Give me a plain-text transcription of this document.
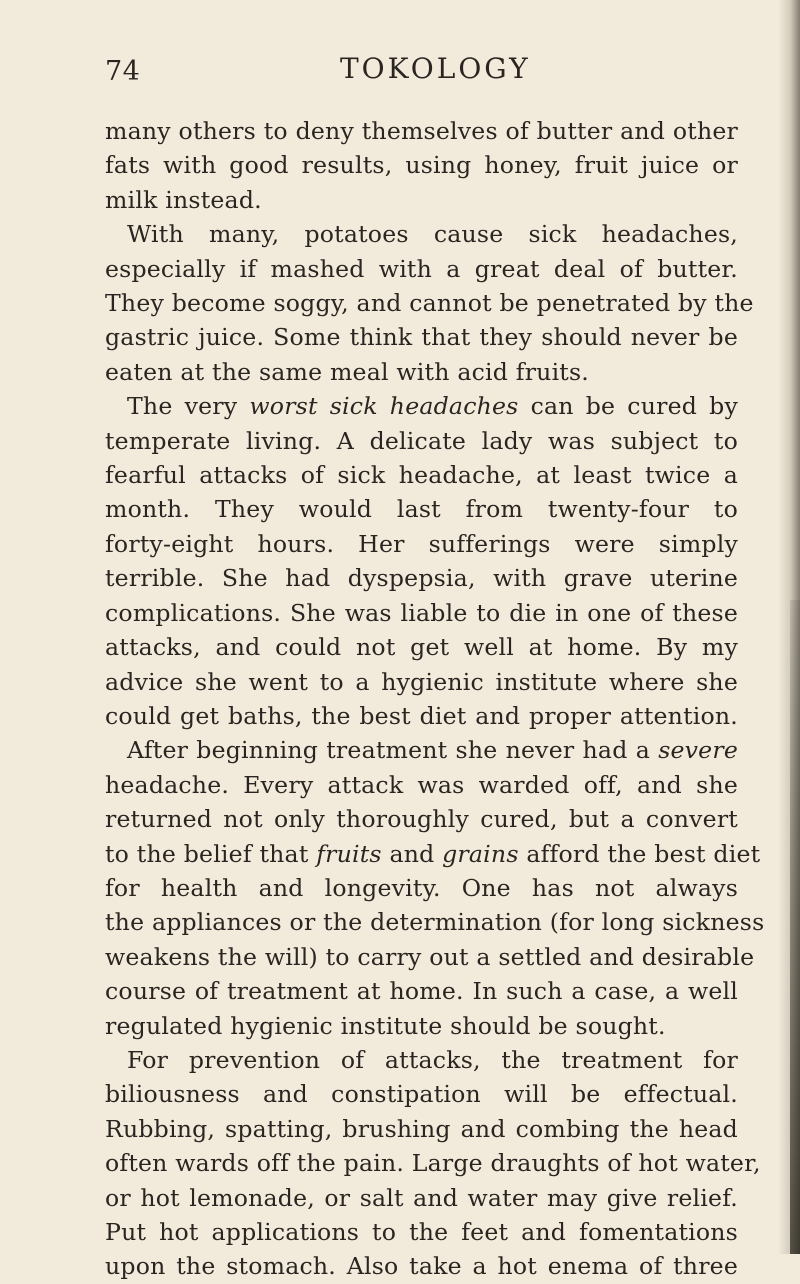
74	TOKOLOGY
many others to deny themselves of butter and other
fats with good results, using honey, fruit juice or
milk instead.
With many, potatoes cause sick headaches,
especially if mashed with a great deal of butter.
They become soggy, and cannot be penetrated by the
gastric juice. Some think that they should never be
eaten at the same meal with acid fruits.
The very worst sick headaches can be cured by
temperate living. A delicate lady was subject to
fearful attacks of sick headache, at least twice a
month. They would last from twenty-four to
forty-eight hours. Her sufferings were simply
terrible. She had dyspepsia, with grave uterine
complications. She was liable to die in one of these
attacks, and could not get well at home. By my
advice she went to a hygienic institute where she
could get baths, the best diet and proper attention.
After beginning treatment she never had a severe
headache. Every attack was warded off, and she
returned not only thoroughly cured, but a convert
to the belief that fruits and grains afford the best diet
for health and longevity. One has not always
the appliances or the determination (for long sickness
weakens the will) to carry out a settled and desirable
course of treatment at home. In such a case, a well
regulated hygienic institute should be sought.
For prevention of attacks, the treatment for
biliousness and constipation will be effectual.
Rubbing, spatting, brushing and combing the head
often wards off the pain. Large draughts of hot water,
or hot lemonade, or salt and water may give relief.
Put hot applications to the feet and fomentations
upon the stomach. Also take a hot enema of three
